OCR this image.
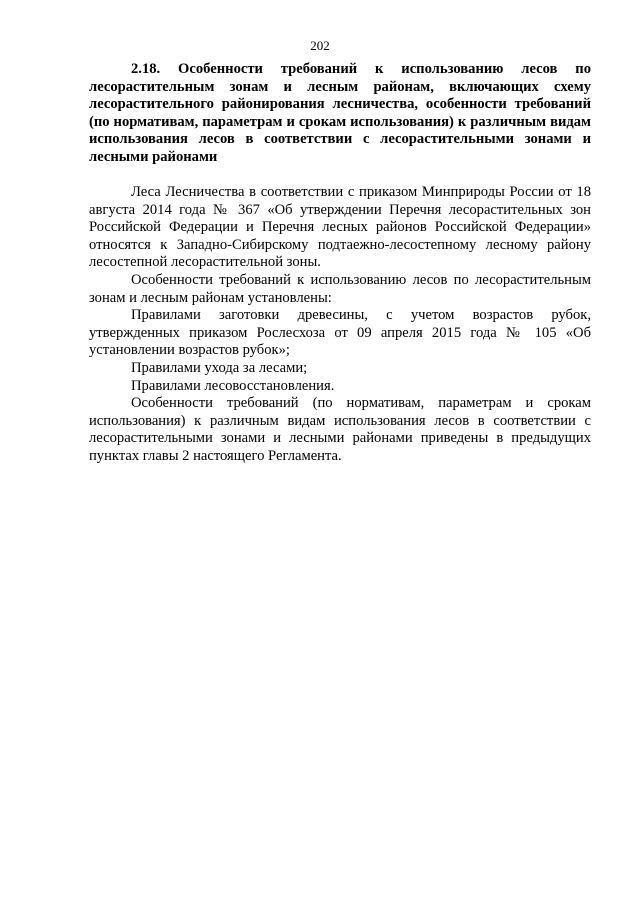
202

2.18. Особенности требований к использованию лесов по лесорастительным зонам и лесным районам, включающих схему лесорастительного районирования лесничества, особенности требований (по нормативам, параметрам и срокам использования) к различным видам использования лесов в соответствии с лесорастительными зонами и лесными районами

Леса Лесничества в соответствии с приказом Минприроды России от 18 августа 2014 года № 367 «Об утверждении Перечня лесорастительных зон Российской Федерации и Перечня лесных районов Российской Федерации» относятся к Западно-Сибирскому подтаежно-лесостепному лесному району лесостепной лесорастительной зоны.

Особенности требований к использованию лесов по лесорастительным зонам и лесным районам установлены:

Правилами заготовки древесины, с учетом возрастов рубок, утвержденных приказом Рослесхоза от 09 апреля 2015 года № 105 «Об установлении возрастов рубок»;

Правилами ухода за лесами;

Правилами лесовосстановления.

Особенности требований (по нормативам, параметрам и срокам использования) к различным видам использования лесов в соответствии с лесорастительными зонами и лесными районами приведены в предыдущих пунктах главы 2 настоящего Регламента.
